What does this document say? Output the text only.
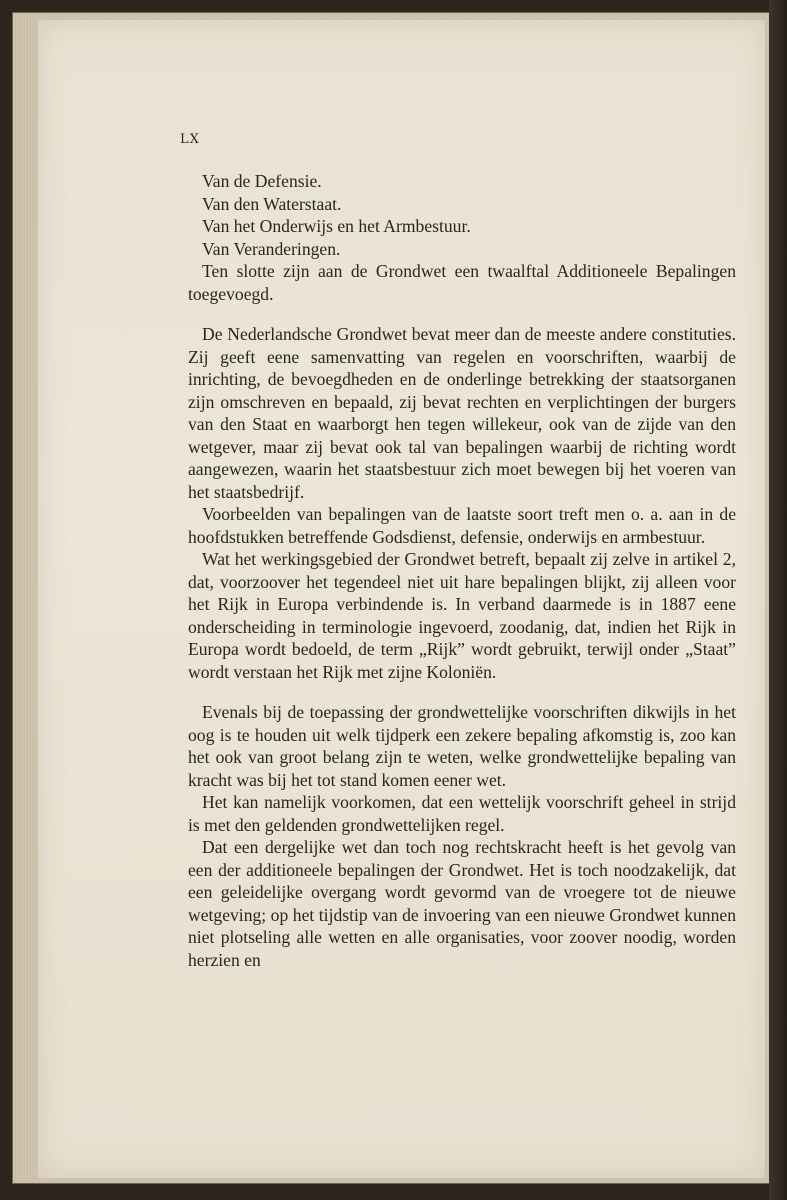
LX

Van de Defensie.

Van den Waterstaat.

Van het Onderwijs en het Armbestuur.

Van Veranderingen.

Ten slotte zijn aan de Grondwet een twaalftal Additioneele Bepalingen toegevoegd.

De Nederlandsche Grondwet bevat meer dan de meeste andere constituties. Zij geeft eene samenvatting van regelen en voorschriften, waarbij de inrichting, de bevoegdheden en de onderlinge betrekking der staatsorganen zijn omschreven en bepaald, zij bevat rechten en verplichtingen der burgers van den Staat en waarborgt hen tegen willekeur, ook van de zijde van den wetgever, maar zij bevat ook tal van bepalingen waarbij de richting wordt aangewezen, waarin het staatsbestuur zich moet bewegen bij het voeren van het staatsbedrijf.

Voorbeelden van bepalingen van de laatste soort treft men o. a. aan in de hoofdstukken betreffende Godsdienst, defensie, onderwijs en armbestuur.

Wat het werkingsgebied der Grondwet betreft, bepaalt zij zelve in artikel 2, dat, voorzoover het tegendeel niet uit hare bepalingen blijkt, zij alleen voor het Rijk in Europa verbindende is. In verband daarmede is in 1887 eene onderscheiding in terminologie ingevoerd, zoodanig, dat, indien het Rijk in Europa wordt bedoeld, de term „Rijk” wordt gebruikt, terwijl onder „Staat” wordt verstaan het Rijk met zijne Koloniën.

Evenals bij de toepassing der grondwettelijke voorschriften dikwijls in het oog is te houden uit welk tijdperk een zekere bepaling afkomstig is, zoo kan het ook van groot belang zijn te weten, welke grondwettelijke bepaling van kracht was bij het tot stand komen eener wet.

Het kan namelijk voorkomen, dat een wettelijk voorschrift geheel in strijd is met den geldenden grondwettelijken regel.

Dat een dergelijke wet dan toch nog rechtskracht heeft is het gevolg van een der additioneele bepalingen der Grondwet. Het is toch noodzakelijk, dat een geleidelijke overgang wordt gevormd van de vroegere tot de nieuwe wetgeving; op het tijdstip van de invoering van een nieuwe Grondwet kunnen niet plotseling alle wetten en alle organisaties, voor zoover noodig, worden herzien en
